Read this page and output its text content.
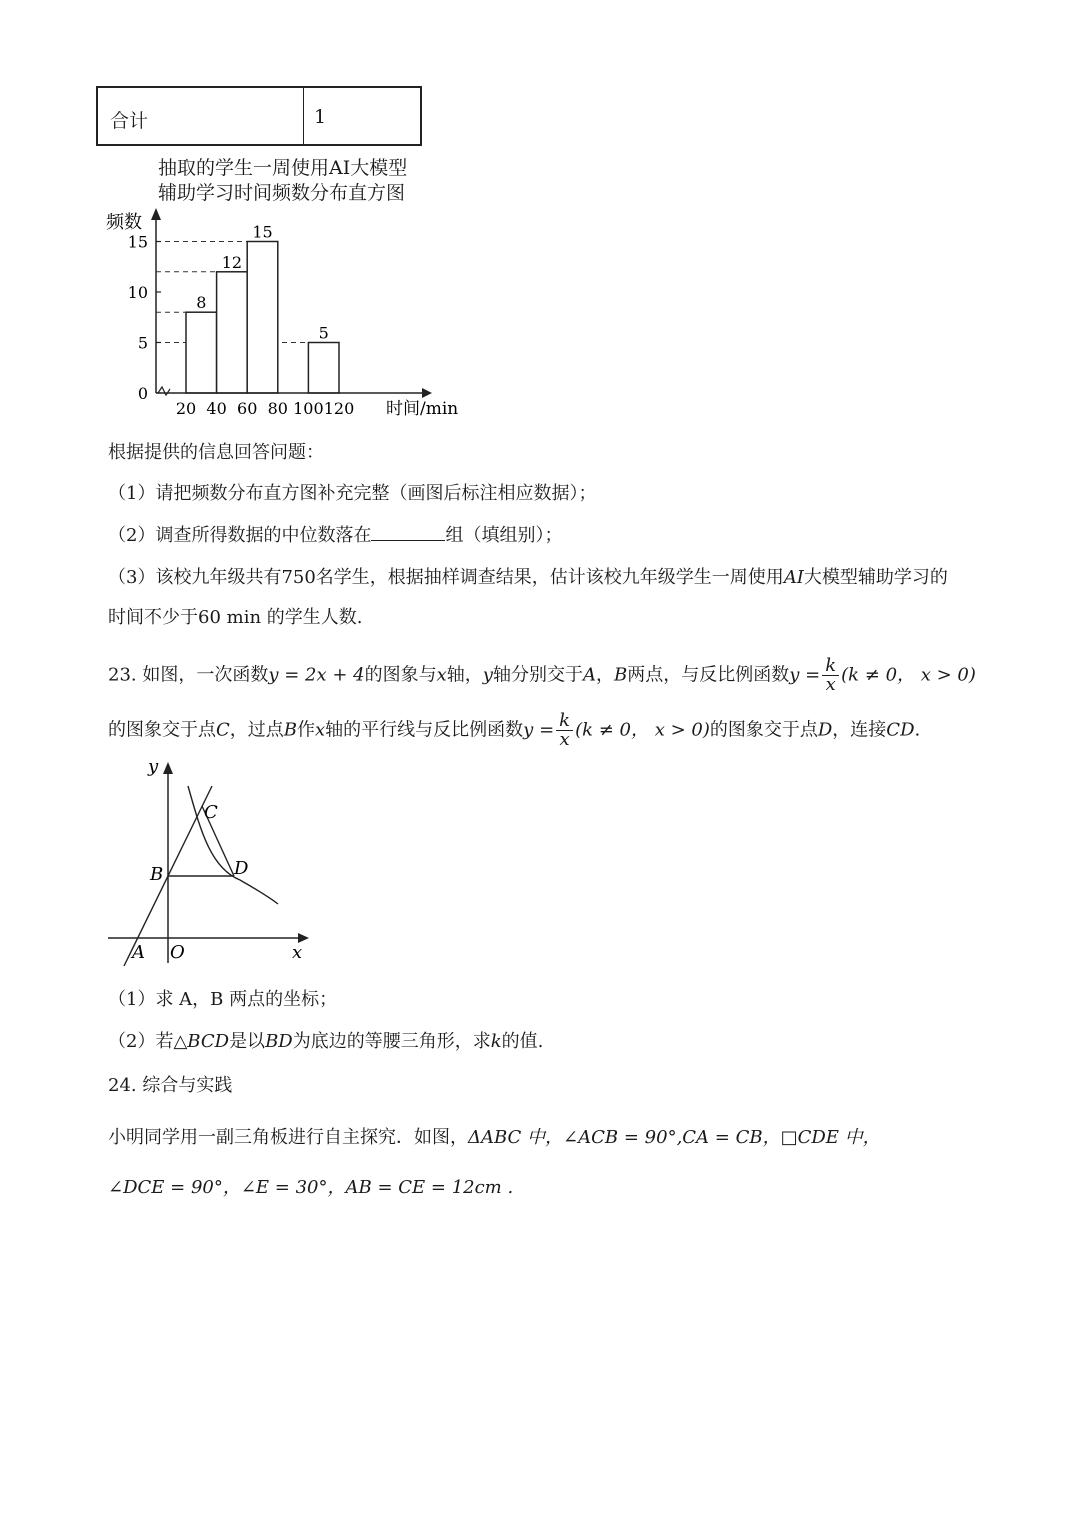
合计	1
抽取的学生一周使用AI大模型
辅助学习时间频数分布直方图
8
12
15
5
频数
时间/min
0
5
10
15
20 40 60 80 100 120
根据提供的信息回答问题：
（1）请把频数分布直方图补充完整（画图后标注相应数据）；
（2）调查所得数据的中位数落在	组（填组别）；
（3）该校九年级共有750名学生，根据抽样调查结果，估计该校九年级学生一周使用AI大模型辅助学习的
时间不少于60 min 的学生人数.
23. 如图，一次函数y = 2x + 4的图象与x轴，y轴分别交于A，B两点，与反比例函数$y = \frac{k}{x} (k \ne 0$， x > 0)
的图象交于点C，过点B作x轴的平行线与反比例函数$y = \frac{k}{x} (k \ne 0$， x > 0)的图象交于点D，连接CD.
y
x
A O
B
C
D
（1）求 A，B 两点的坐标；
（2）若△BCD是以BD为底边的等腰三角形，求k的值.
24. 综合与实践
小明同学用一副三角板进行自主探究．如图，ΔABC 中，∠ACB = 90°,CA = CB，□CDE 中，
∠DCE = 90°，∠E = 30°，AB = CE = 12cm .
